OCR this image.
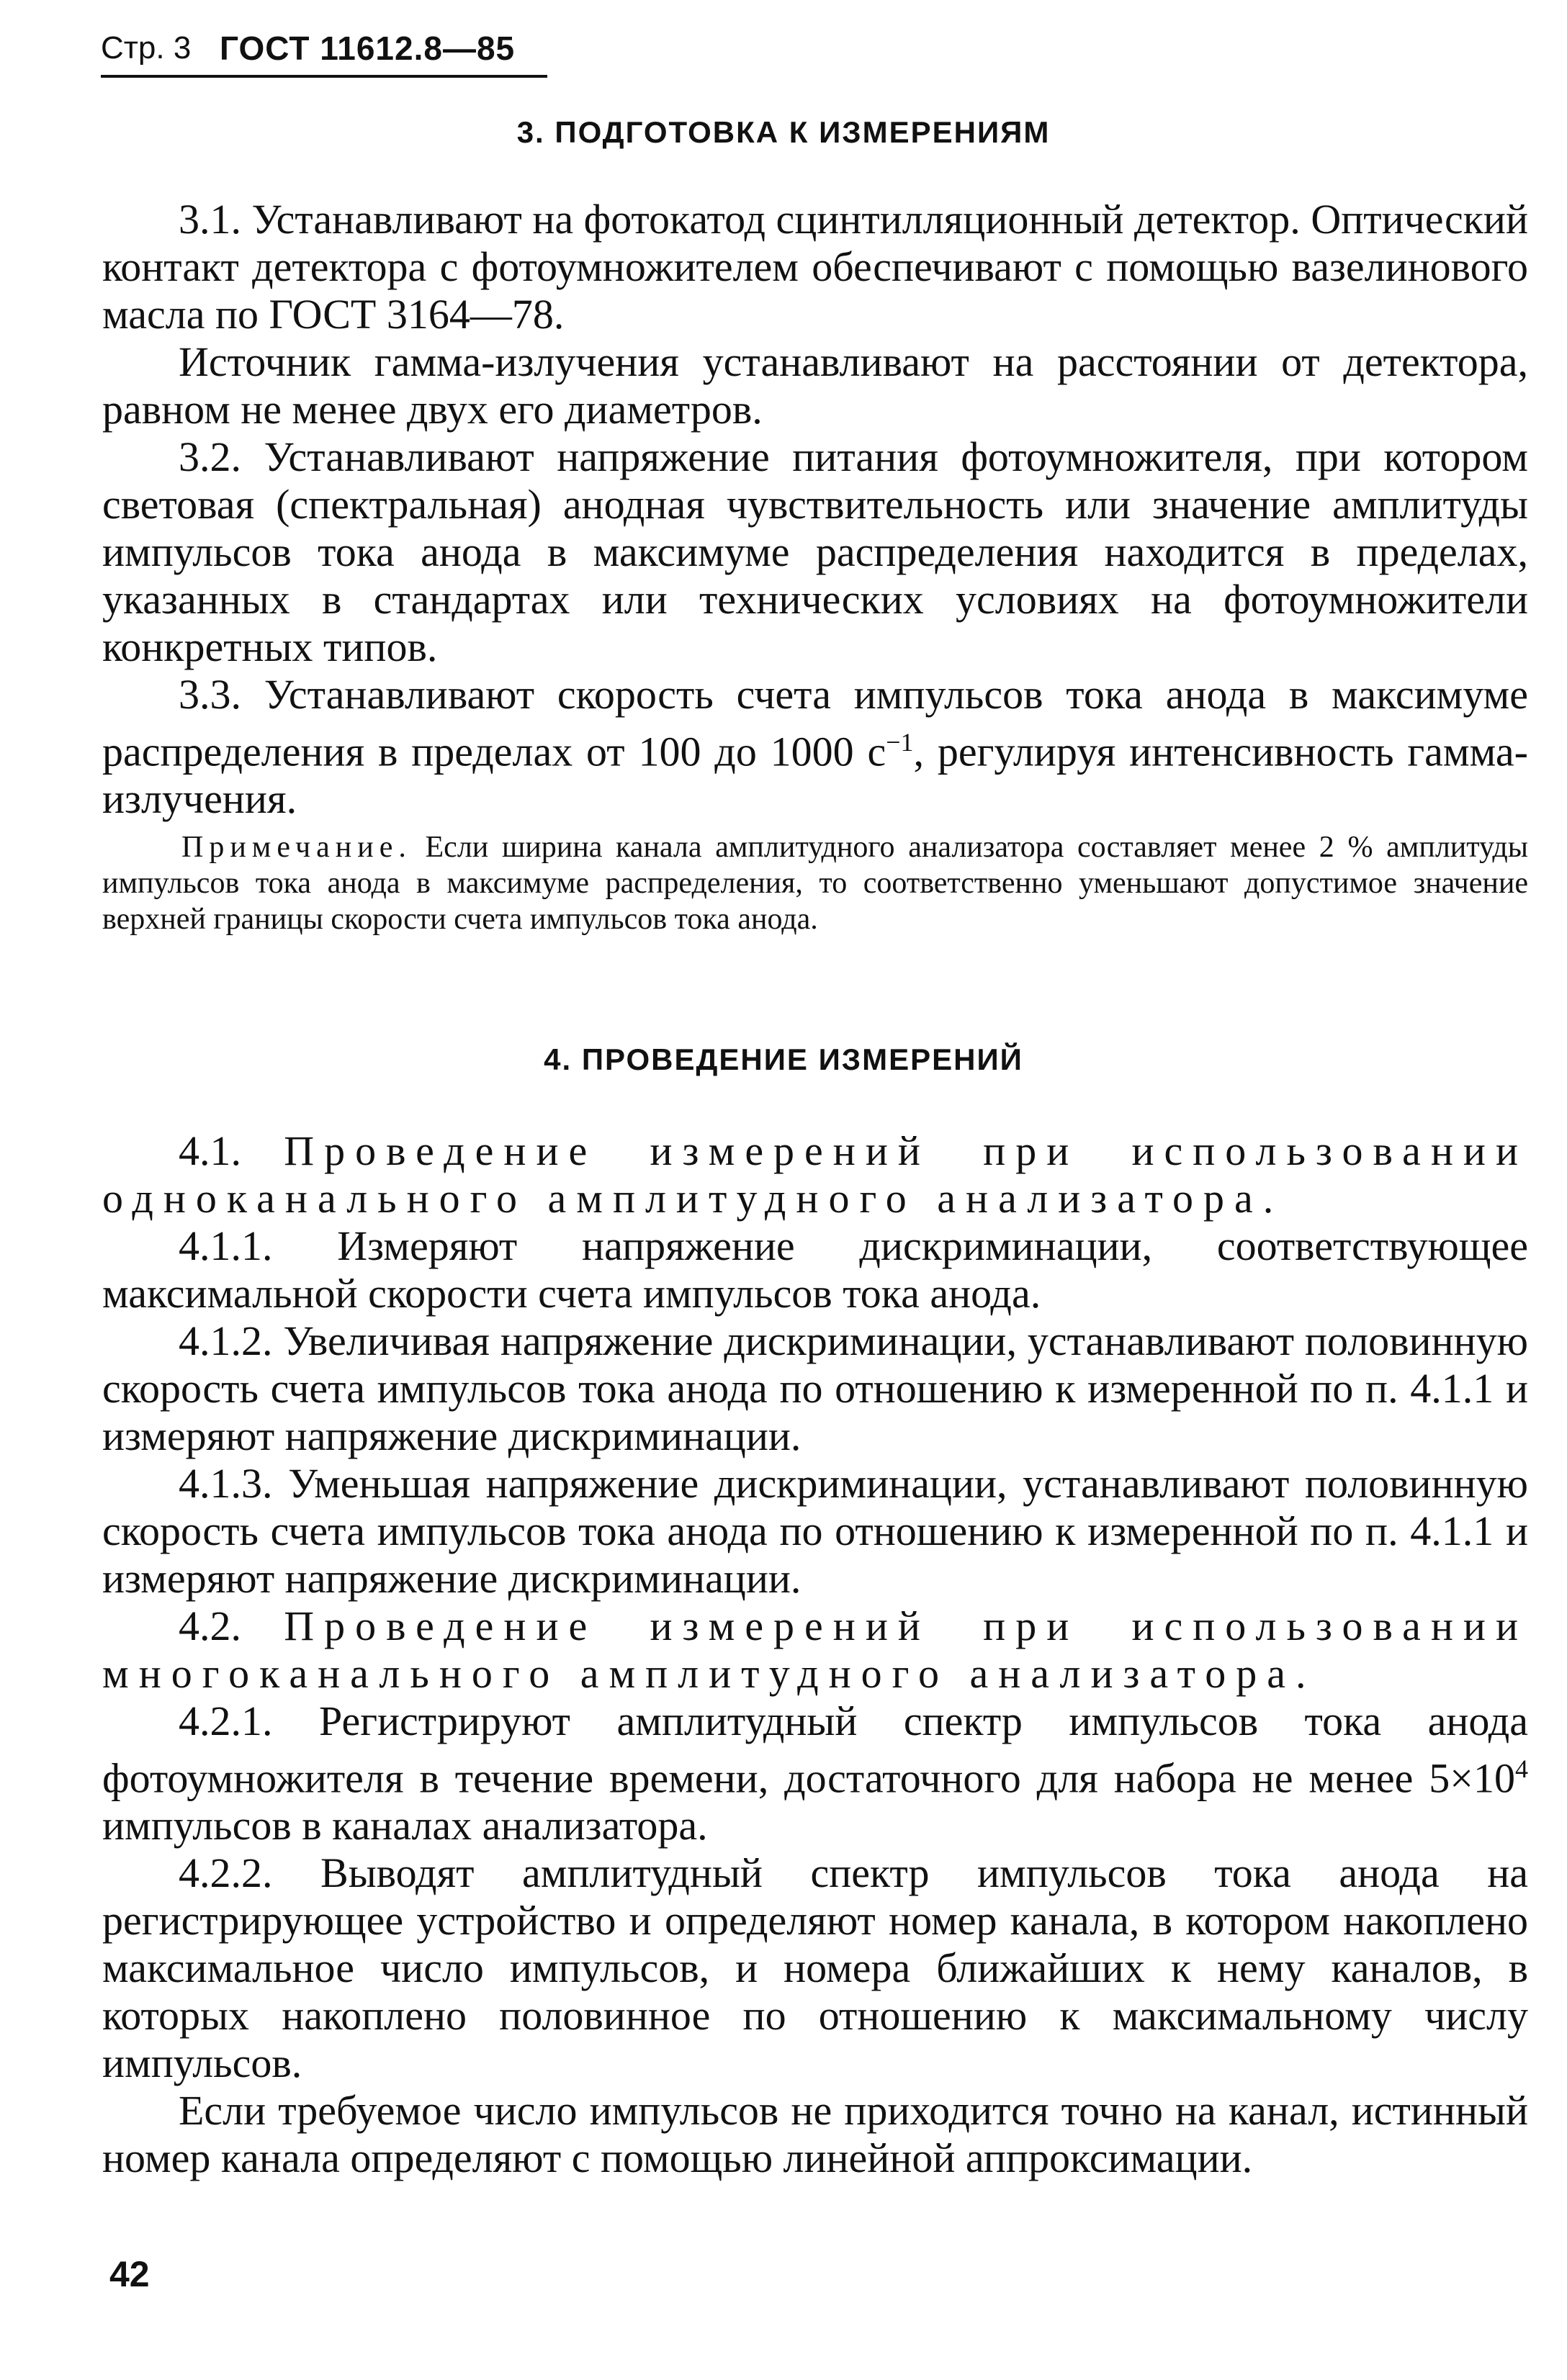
Стр. 3 ГОСТ 11612.8—85
3. ПОДГОТОВКА К ИЗМЕРЕНИЯМ

3.1. Устанавливают на фотокатод сцинтилляционный детектор. Оптический контакт детектора с фотоумножителем обеспечивают с помощью вазелинового масла по ГОСТ 3164—78.

Источник гамма-излучения устанавливают на расстоянии от детектора, равном не менее двух его диаметров.

3.2. Устанавливают напряжение питания фотоумножителя, при котором световая (спектральная) анодная чувствительность или значение амплитуды импульсов тока анода в максимуме распределения находится в пределах, указанных в стандартах или технических условиях на фотоумножители конкретных типов.

3.3. Устанавливают скорость счета импульсов тока анода в максимуме распределения в пределах от 100 до 1000 $с^{-1}$, регулируя интенсивность гамма-излучения.

Примечание. Если ширина канала амплитудного анализатора составляет менее 2 % амплитуды импульсов тока анода в максимуме распределения, то соответственно уменьшают допустимое значение верхней границы скорости счета импульсов тока анода.

4. ПРОВЕДЕНИЕ ИЗМЕРЕНИЙ

4.1. Проведение измерений при использовании одноканального амплитудного анализатора.

4.1.1. Измеряют напряжение дискриминации, соответствующее максимальной скорости счета импульсов тока анода.

4.1.2. Увеличивая напряжение дискриминации, устанавливают половинную скорость счета импульсов тока анода по отношению к измеренной по п. 4.1.1 и измеряют напряжение дискриминации.

4.1.3. Уменьшая напряжение дискриминации, устанавливают половинную скорость счета импульсов тока анода по отношению к измеренной по п. 4.1.1 и измеряют напряжение дискриминации.

4.2. Проведение измерений при использовании многоканального амплитудного анализатора.

4.2.1. Регистрируют амплитудный спектр импульсов тока анода фотоумножителя в течение времени, достаточного для набора не менее $5\times 10^4$ импульсов в каналах анализатора.

4.2.2. Выводят амплитудный спектр импульсов тока анода на регистрирующее устройство и определяют номер канала, в котором накоплено максимальное число импульсов, и номера ближайших к нему каналов, в которых накоплено половинное по отношению к максимальному числу импульсов.

Если требуемое число импульсов не приходится точно на канал, истинный номер канала определяют с помощью линейной аппроксимации.

42
